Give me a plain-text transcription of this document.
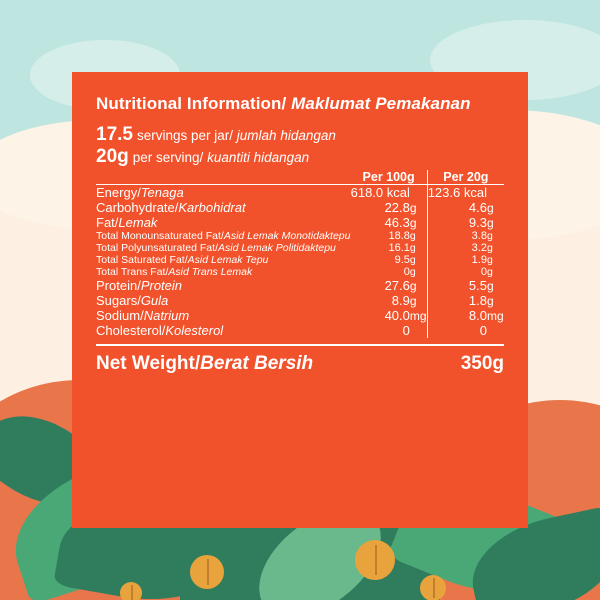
Nutritional Information/ Maklumat Pemakanan
17.5 servings per jar/ jumlah hidangan
20g per serving/ kuantiti hidangan
	Per 100g		Per 20g	
Energy/Tenaga	618.0 kcal		123.6 kcal	
Carbohydrate/Karbohidrat	22.8	g	4.6	g
Fat/Lemak	46.3	g	9.3	g
Total Monounsaturated Fat/Asid Lemak Monotidaktepu	18.8	g	3.8	g
Total Polyunsaturated Fat/Asid Lemak Politidaktepu	16.1	g	3.2	g
Total Saturated Fat/Asid Lemak Tepu	9.5	g	1.9	g
Total Trans Fat/Asid Trans Lemak	0	g	0	g
Protein/Protein	27.6	g	5.5	g
Sugars/Gula	8.9	g	1.8	g
Sodium/Natrium	40.0	mg	8.0	mg
Cholesterol/Kolesterol	0		0	
Net Weight/Berat Bersih	350g
